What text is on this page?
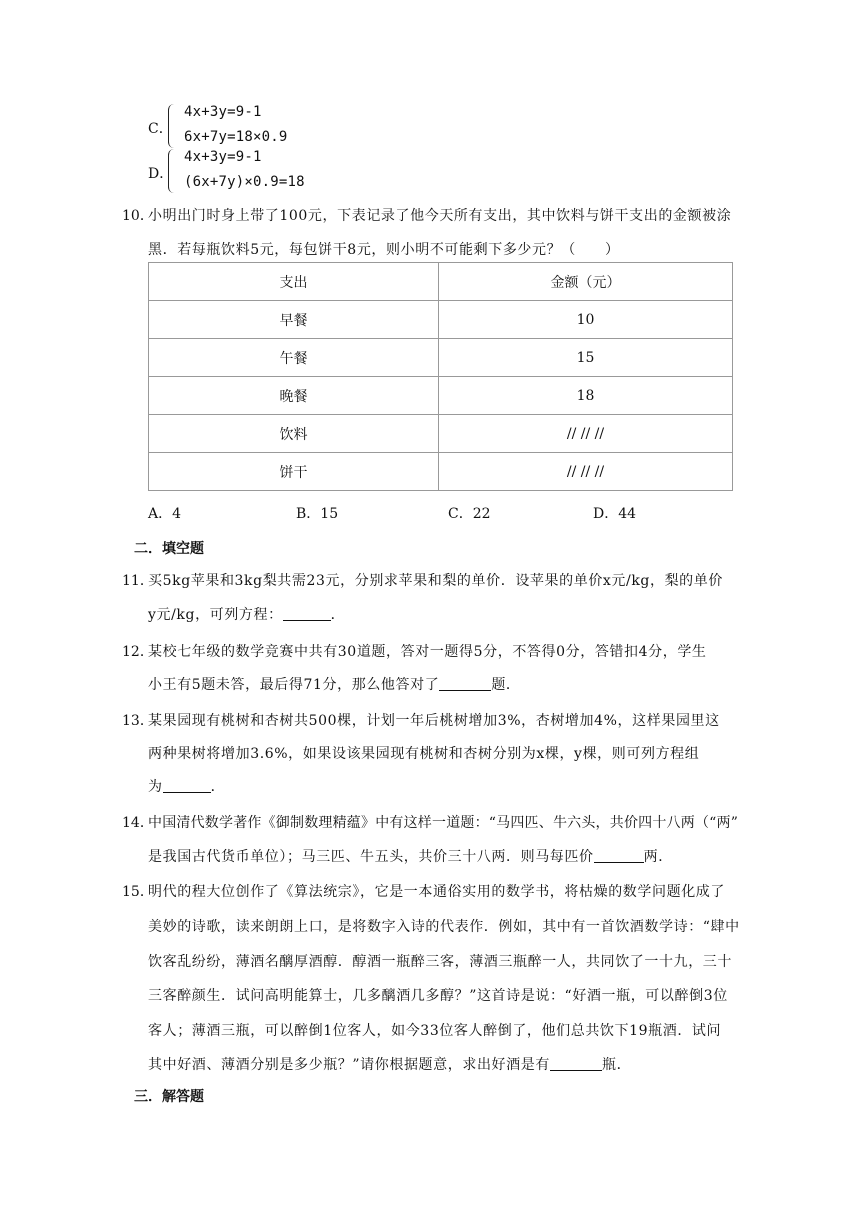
C．
4x+3y=9-1
6x+7y=18×0.9
D．
4x+3y=9-1
(6x+7y)×0.9=18
10．
小明出门时身上带了100元，下表记录了他今天所有支出，其中饮料与饼干支出的金额被涂
黑．若每瓶饮料5元，每包饼干8元，则小明不可能剩下多少元？（　　）
支出	金额（元）
早餐	10
午餐	15
晚餐	18
饮料	// // //
饼干	// // //
A．4	B．15	C．22	D．44
二．填空题
11．
买5kg苹果和3kg梨共需23元，分别求苹果和梨的单价．设苹果的单价x元/kg，梨的单价
y元/kg，可列方程：	．
12．
某校七年级的数学竞赛中共有30道题，答对一题得5分，不答得0分，答错扣4分，学生
小王有5题未答，最后得71分，那么他答对了	题．
13．
某果园现有桃树和杏树共500棵，计划一年后桃树增加3%，杏树增加4%，这样果园里这
两种果树将增加3.6%，如果设该果园现有桃树和杏树分别为x棵，y棵，则可列方程组
为	．
14．
中国清代数学著作《御制数理精蕴》中有这样一道题：“马四匹、牛六头，共价四十八两（“两”
是我国古代货币单位）；马三匹、牛五头，共价三十八两．则马每匹价	两．
15．
明代的程大位创作了《算法统宗》，它是一本通俗实用的数学书，将枯燥的数学问题化成了
美妙的诗歌，读来朗朗上口，是将数字入诗的代表作．例如，其中有一首饮酒数学诗：“肆中
饮客乱纷纷，薄酒名醨厚酒醇．醇酒一瓶醉三客，薄酒三瓶醉一人，共同饮了一十九，三十
三客醉颜生．试问高明能算士，几多醨酒几多醇？”这首诗是说：“好酒一瓶，可以醉倒3位
客人；薄酒三瓶，可以醉倒1位客人，如今33位客人醉倒了，他们总共饮下19瓶酒．试问
其中好酒、薄酒分别是多少瓶？”请你根据题意，求出好酒是有	瓶．
三．解答题
